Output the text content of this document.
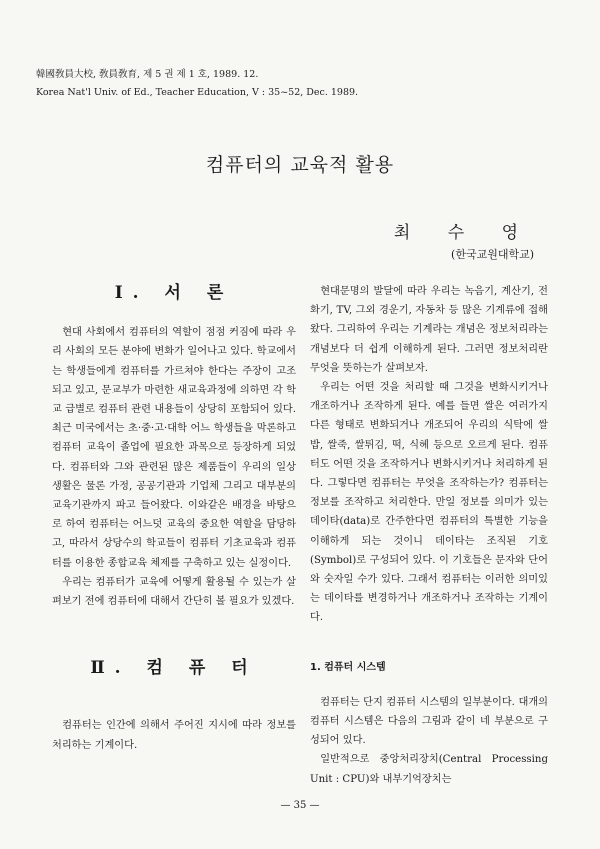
韓國敎員大校, 敎員敎育, 제 5 권 제 1 호, 1989. 12.
Korea Nat'l Univ. of Ed., Teacher Education, V : 35~52, Dec. 1989.
컴퓨터의 교육적 활용
최 수 영
(한국교원대학교)
Ⅰ. 서 론

현대 사회에서 컴퓨터의 역할이 점점 커짐에 따라 우리 사회의 모든 분야에 변화가 일어나고 있다. 학교에서는 학생들에게 컴퓨터를 가르쳐야 한다는 주장이 고조되고 있고, 문교부가 마련한 새교육과정에 의하면 각 학교 급별로 컴퓨터 관련 내용들이 상당히 포함되어 있다. 최근 미국에서는 초·중·고·대학 어느 학생들을 막론하고 컴퓨터 교육이 졸업에 필요한 과목으로 등장하게 되었다. 컴퓨터와 그와 관련된 많은 제품들이 우리의 일상 생활은 물론 가정, 공공기관과 기업체 그리고 대부분의 교육기관까지 파고 들어왔다. 이와같은 배경을 바탕으로 하여 컴퓨터는 어느덧 교육의 중요한 역할을 담당하고, 따라서 상당수의 학교들이 컴퓨터 기초교육과 컴퓨터를 이용한 종합교육 체제를 구축하고 있는 실정이다.

우리는 컴퓨터가 교육에 어떻게 활용될 수 있는가 살펴보기 전에 컴퓨터에 대해서 간단히 볼 필요가 있겠다.

Ⅱ. 컴 퓨 터

컴퓨터는 인간에 의해서 주어진 지시에 따라 정보를 처리하는 기계이다.

현대문명의 발달에 따라 우리는 녹음기, 계산기, 전화기, TV, 그외 경운기, 자동차 등 많은 기계류에 접해왔다. 그리하여 우리는 기계라는 개념은 정보처리라는 개념보다 더 쉽게 이해하게 된다. 그러면 정보처리란 무엇을 뜻하는가 살펴보자.

우리는 어떤 것을 처리할 때 그것을 변화시키거나 개조하거나 조작하게 된다. 예를 들면 쌀은 여러가지 다른 형태로 변화되거나 개조되어 우리의 식탁에 쌀밥, 쌀죽, 쌀튀김, 떡, 식혜 등으로 오르게 된다. 컴퓨터도 어떤 것을 조작하거나 변화시키거나 처리하게 된다. 그렇다면 컴퓨터는 무엇을 조작하는가? 컴퓨터는 정보를 조작하고 처리한다. 만일 정보를 의미가 있는 데이타(data)로 간주한다면 컴퓨터의 특별한 기능을 이해하게 되는 것이니 데이타는 조직된 기호(Symbol)로 구성되어 있다. 이 기호들은 문자와 단어와 숫자일 수가 있다. 그래서 컴퓨터는 이러한 의미있는 데이타를 변경하거나 개조하거나 조작하는 기계이다.

1. 컴퓨터 시스템

컴퓨터는 단지 컴퓨터 시스템의 일부분이다. 대개의 컴퓨터 시스템은 다음의 그림과 같이 네 부분으로 구성되어 있다.

일반적으로 중앙처리장치(Central Processing Unit : CPU)와 내부기억장치는

— 35 —
